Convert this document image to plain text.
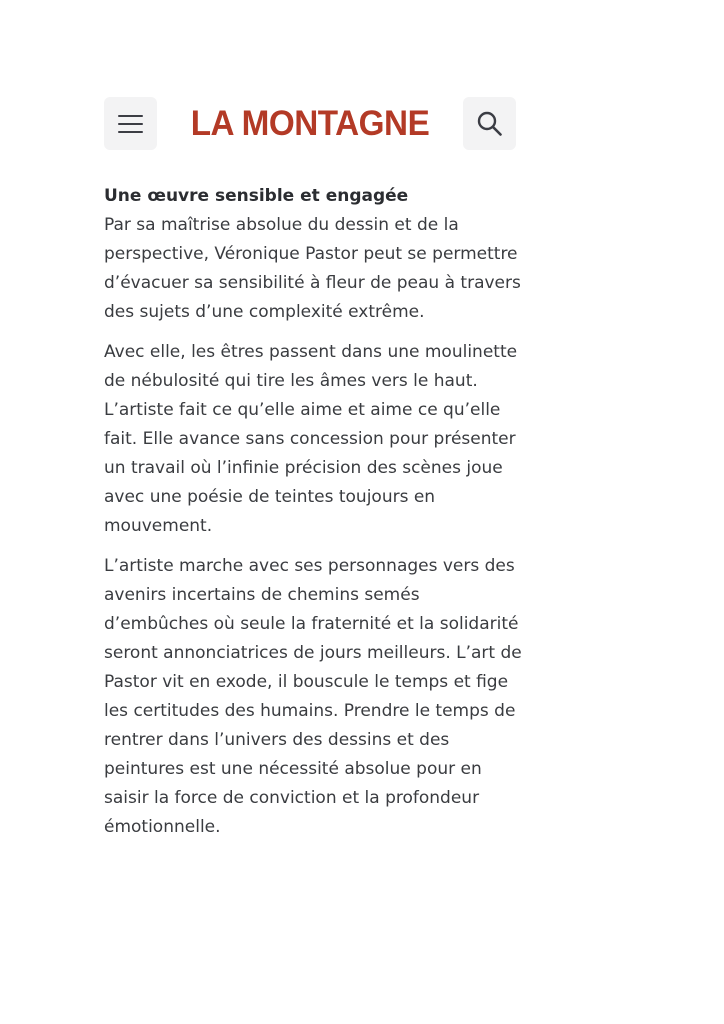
LA MONTAGNE

Une œuvre sensible et engagée
Par sa maîtrise absolue du dessin et de la perspective, Véronique Pastor peut se permettre d’évacuer sa sensibilité à fleur de peau à travers des sujets d’une complexité extrême.

Avec elle, les êtres passent dans une moulinette de nébulosité qui tire les âmes vers le haut. L’artiste fait ce qu’elle aime et aime ce qu’elle fait. Elle avance sans concession pour présenter un travail où l’infinie précision des scènes joue avec une poésie de teintes toujours en mouvement.

L’artiste marche avec ses personnages vers des avenirs incertains de chemins semés d’embûches où seule la fraternité et la solidarité seront annonciatrices de jours meilleurs. L’art de Pastor vit en exode, il bouscule le temps et fige les certitudes des humains. Prendre le temps de rentrer dans l’univers des dessins et des peintures est une nécessité absolue pour en saisir la force de conviction et la profondeur émotionnelle.
